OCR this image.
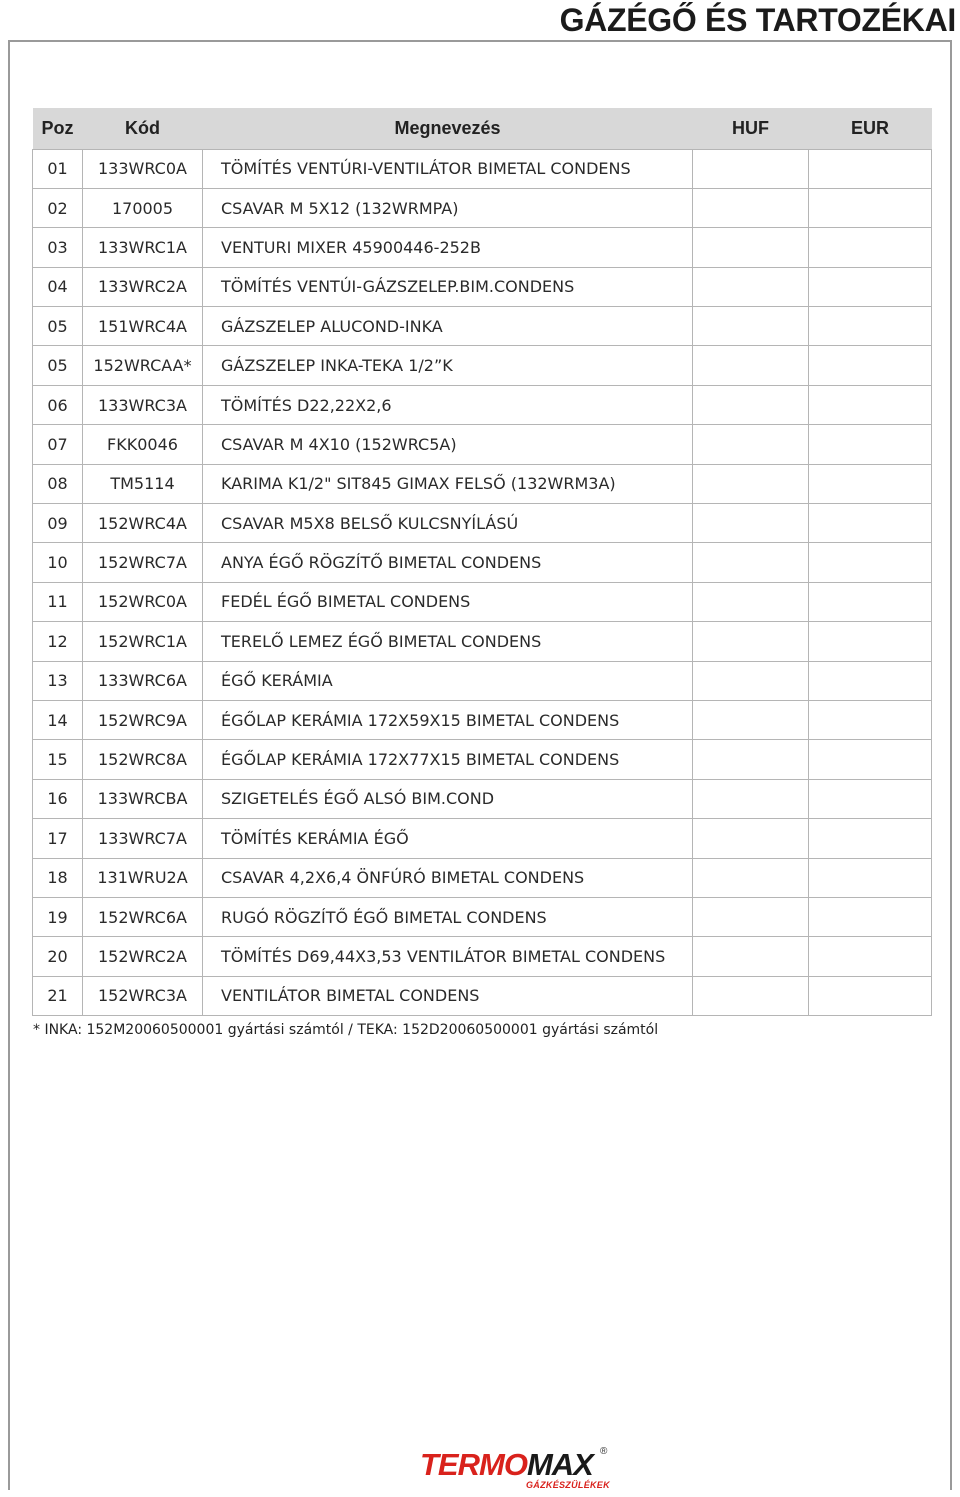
GÁZÉGŐ ÉS TARTOZÉKAI
Poz	Kód	Megnevezés	HUF	EUR
01	133WRC0A	TÖMÍTÉS VENTÚRI-VENTILÁTOR BIMETAL CONDENS		
02	170005	CSAVAR M 5X12 (132WRMPA)		
03	133WRC1A	VENTURI MIXER 45900446-252B		
04	133WRC2A	TÖMÍTÉS VENTÚI-GÁZSZELEP.BIM.CONDENS		
05	151WRC4A	GÁZSZELEP ALUCOND-INKA		
05	152WRCAA*	GÁZSZELEP INKA-TEKA 1/2”K		
06	133WRC3A	TÖMÍTÉS D22,22X2,6		
07	FKK0046	CSAVAR M 4X10 (152WRC5A)		
08	TM5114	KARIMA K1/2" SIT845 GIMAX FELSŐ (132WRM3A)		
09	152WRC4A	CSAVAR M5X8 BELSŐ KULCSNYÍLÁSÚ		
10	152WRC7A	ANYA ÉGŐ RÖGZÍTŐ BIMETAL CONDENS		
11	152WRC0A	FEDÉL ÉGŐ BIMETAL CONDENS		
12	152WRC1A	TERELŐ LEMEZ ÉGŐ BIMETAL CONDENS		
13	133WRC6A	ÉGŐ KERÁMIA		
14	152WRC9A	ÉGŐLAP KERÁMIA 172X59X15 BIMETAL CONDENS		
15	152WRC8A	ÉGŐLAP KERÁMIA 172X77X15 BIMETAL CONDENS		
16	133WRCBA	SZIGETELÉS ÉGŐ ALSÓ BIM.COND		
17	133WRC7A	TÖMÍTÉS KERÁMIA ÉGŐ		
18	131WRU2A	CSAVAR 4,2X6,4 ÖNFÚRÓ BIMETAL CONDENS		
19	152WRC6A	RUGÓ RÖGZÍTŐ ÉGŐ BIMETAL CONDENS		
20	152WRC2A	TÖMÍTÉS D69,44X3,53 VENTILÁTOR BIMETAL CONDENS		
21	152WRC3A	VENTILÁTOR BIMETAL CONDENS		
* INKA: 152M20060500001 gyártási számtól / TEKA: 152D20060500001 gyártási számtól
TERMOMAX ®
GÁZKÉSZÜLÉKEK
